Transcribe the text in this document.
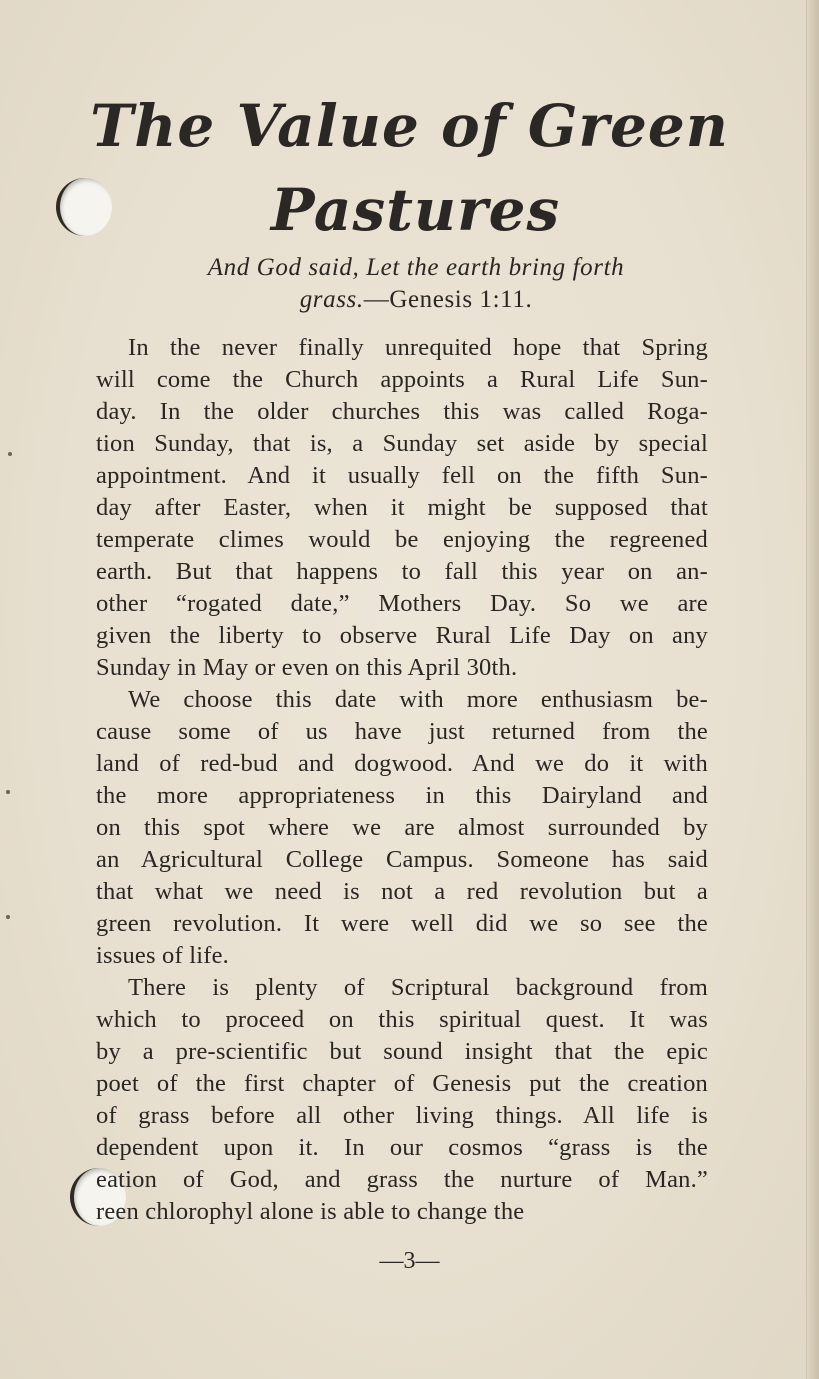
The Value of Green
Pastures
And God said, Let the earth bring forth
grass.—Genesis 1:11.
In the never finally unrequited hope that Spring
will come the Church appoints a Rural Life Sun-
day. In the older churches this was called Roga-
tion Sunday, that is, a Sunday set aside by special
appointment. And it usually fell on the fifth Sun-
day after Easter, when it might be supposed that
temperate climes would be enjoying the regreened
earth. But that happens to fall this year on an-
other “rogated date,” Mothers Day. So we are
given the liberty to observe Rural Life Day on any
Sunday in May or even on this April 30th.
We choose this date with more enthusiasm be-
cause some of us have just returned from the
land of red-bud and dogwood. And we do it with
the more appropriateness in this Dairyland and
on this spot where we are almost surrounded by
an Agricultural College Campus. Someone has said
that what we need is not a red revolution but a
green revolution. It were well did we so see the
issues of life.
There is plenty of Scriptural background from
which to proceed on this spiritual quest. It was
by a pre-scientific but sound insight that the epic
poet of the first chapter of Genesis put the creation
of grass before all other living things. All life is
dependent upon it. In our cosmos “grass is the
eation of God, and grass the nurture of Man.”
reen chlorophyl alone is able to change the
—3—
